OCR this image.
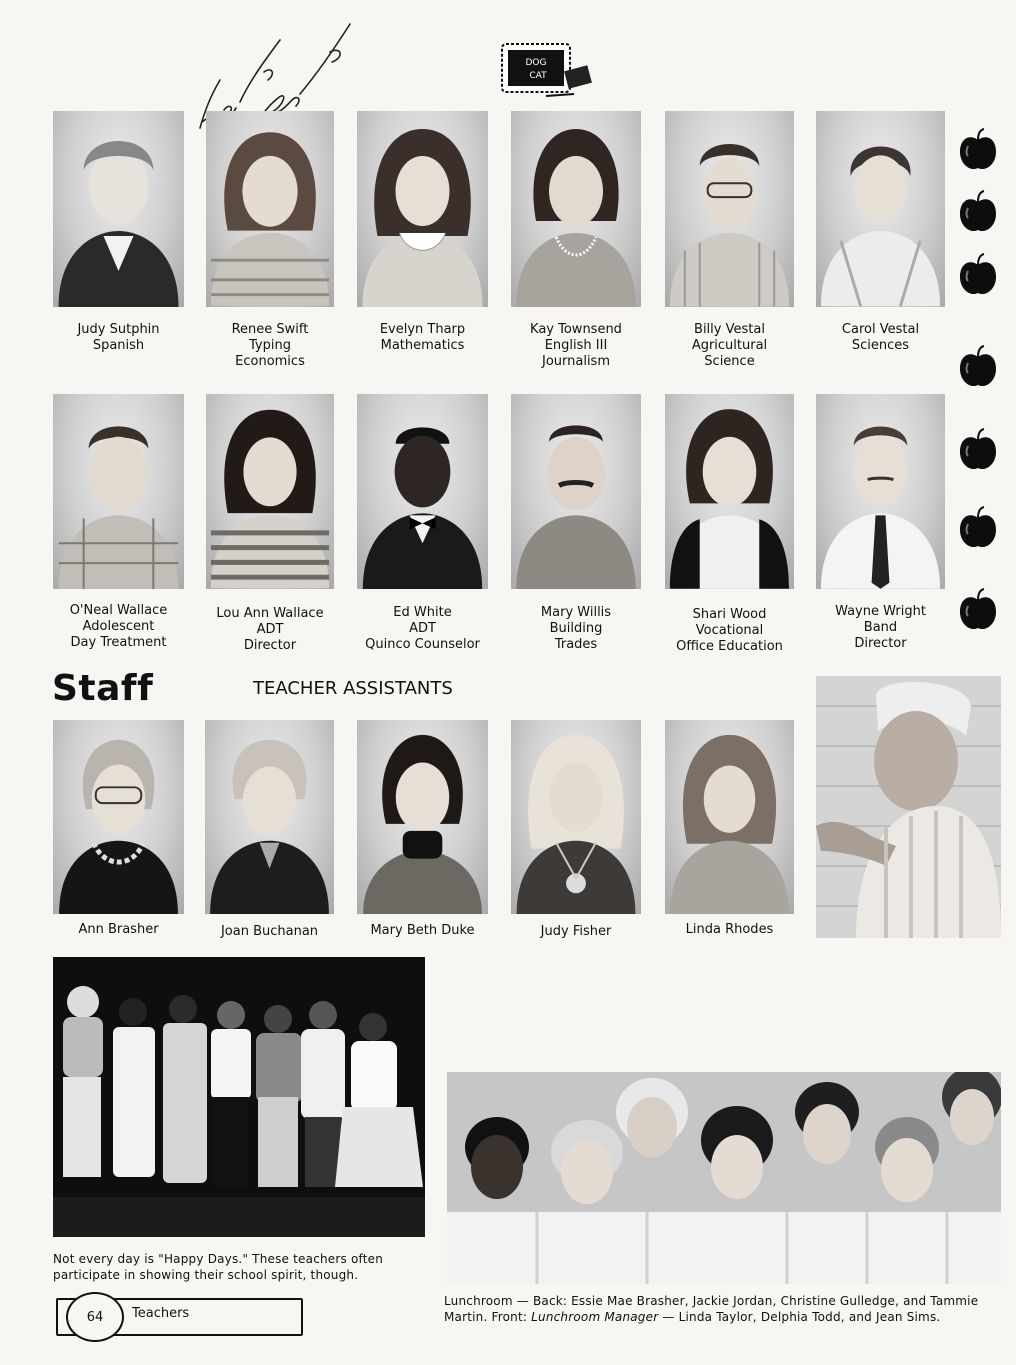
Best Wishes
DOG
CAT
Judy Sutphin
Spanish
Renee Swift
Typing
Economics
Evelyn Tharp
Mathematics
Kay Townsend
English III
Journalism
Billy Vestal
Agricultural
Science
Carol Vestal
Sciences
O'Neal Wallace
Adolescent
Day Treatment
Lou Ann Wallace
ADT
Director
Ed White
ADT
Quinco Counselor
Mary Willis
Building
Trades
Shari Wood
Vocational
Office Education
Wayne Wright
Band
Director
Staff	TEACHER ASSISTANTS
Ann Brasher	Joan Buchanan	Mary Beth Duke	Judy Fisher	Linda Rhodes
Not every day is "Happy Days." These teachers often participate in showing their school spirit, though.
Lunchroom — Back: Essie Mae Brasher, Jackie Jordan, Christine Gulledge, and Tammie
Martin. Front: Lunchroom Manager — Linda Taylor, Delphia Todd, and Jean Sims.
64	Teachers
